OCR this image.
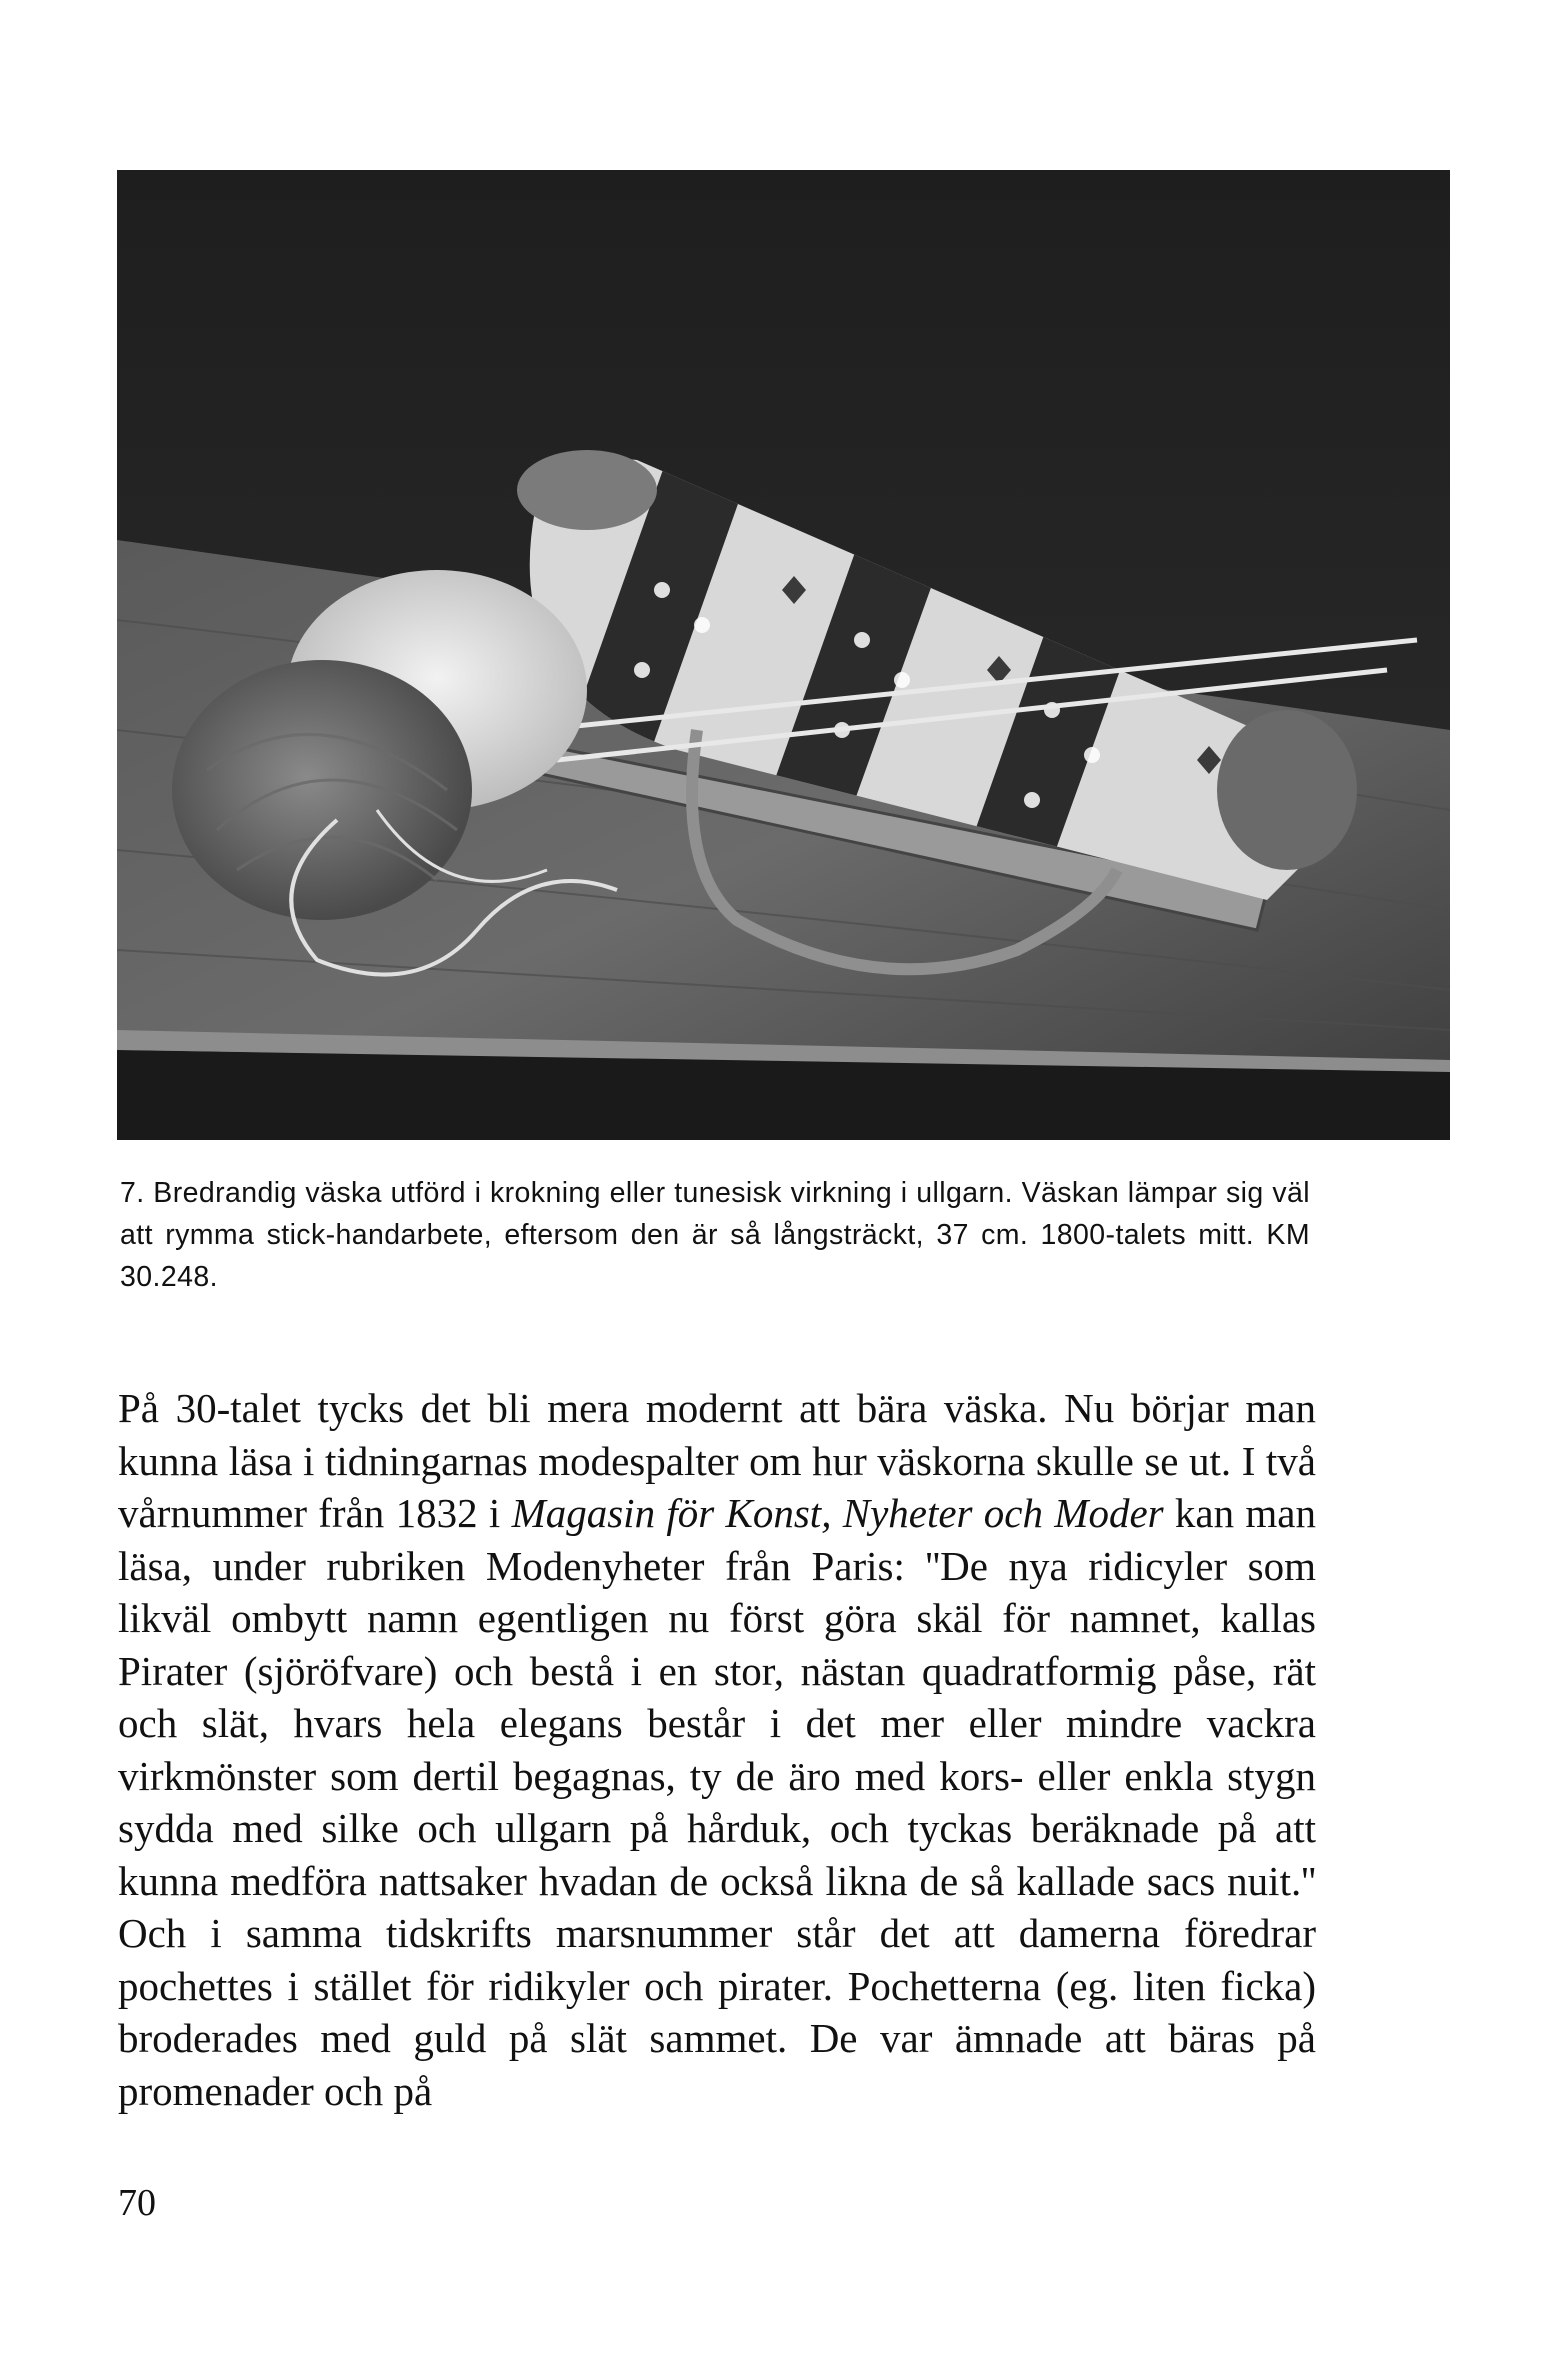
7. Bredrandig väska utförd i krokning eller tunesisk virkning i ullgarn. Väskan lämpar sig väl att rymma stick-handarbete, eftersom den är så långsträckt, 37 cm. 1800-talets mitt. KM 30.248.

På 30-talet tycks det bli mera modernt att bära väska. Nu börjar man kunna läsa i tidningarnas modespalter om hur väskorna skulle se ut. I två vårnummer från 1832 i Magasin för Konst, Nyheter och Moder kan man läsa, under rubriken Modenyheter från Paris: ''De nya ridicyler som likväl ombytt namn egentligen nu först göra skäl för namnet, kallas Pirater (sjöröfvare) och bestå i en stor, nästan quadratformig påse, rät och slät, hvars hela elegans består i det mer eller mindre vackra virkmönster som dertil begagnas, ty de äro med kors- eller enkla stygn sydda med silke och ullgarn på hårduk, och tyckas beräknade på att kunna medföra nattsaker hvadan de också likna de så kallade sacs nuit.'' Och i samma tidskrifts marsnummer står det att damerna föredrar pochettes i stället för ridikyler och pirater. Pochetterna (eg. liten ficka) broderades med guld på slät sammet. De var ämnade att bäras på promenader och på

70
